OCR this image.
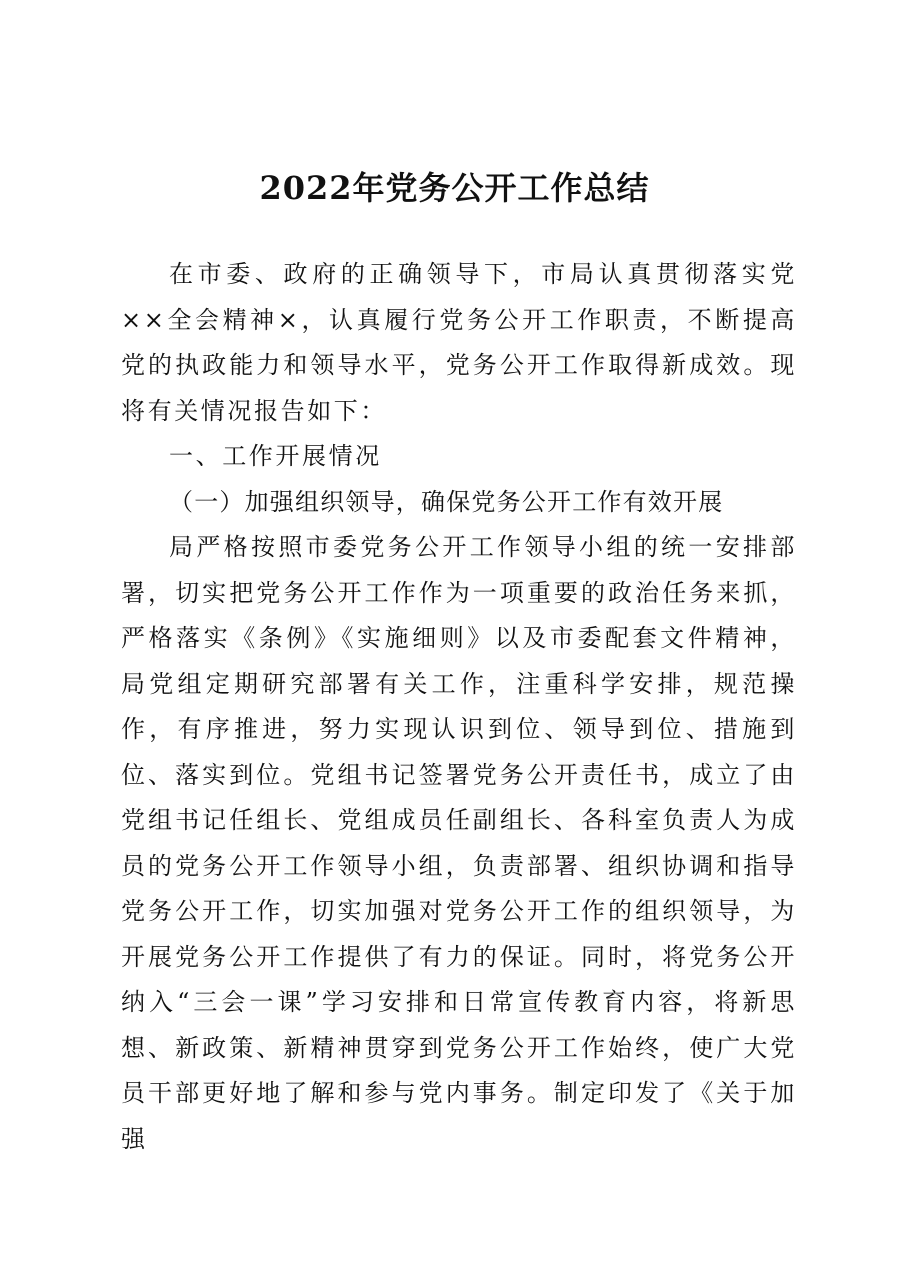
2022年党务公开工作总结

在市委、政府的正确领导下，市局认真贯彻落实党××全会精神×，认真履行党务公开工作职责，不断提高党的执政能力和领导水平，党务公开工作取得新成效。现将有关情况报告如下：

一、工作开展情况

（一）加强组织领导，确保党务公开工作有效开展

局严格按照市委党务公开工作领导小组的统一安排部署，切实把党务公开工作作为一项重要的政治任务来抓，严格落实《条例》《实施细则》以及市委配套文件精神，局党组定期研究部署有关工作，注重科学安排，规范操作，有序推进，努力实现认识到位、领导到位、措施到位、落实到位。党组书记签署党务公开责任书，成立了由党组书记任组长、党组成员任副组长、各科室负责人为成员的党务公开工作领导小组，负责部署、组织协调和指导党务公开工作，切实加强对党务公开工作的组织领导，为开展党务公开工作提供了有力的保证。同时，将党务公开纳入“三会一课”学习安排和日常宣传教育内容，将新思想、新政策、新精神贯穿到党务公开工作始终，使广大党员干部更好地了解和参与党内事务。制定印发了《关于加强
